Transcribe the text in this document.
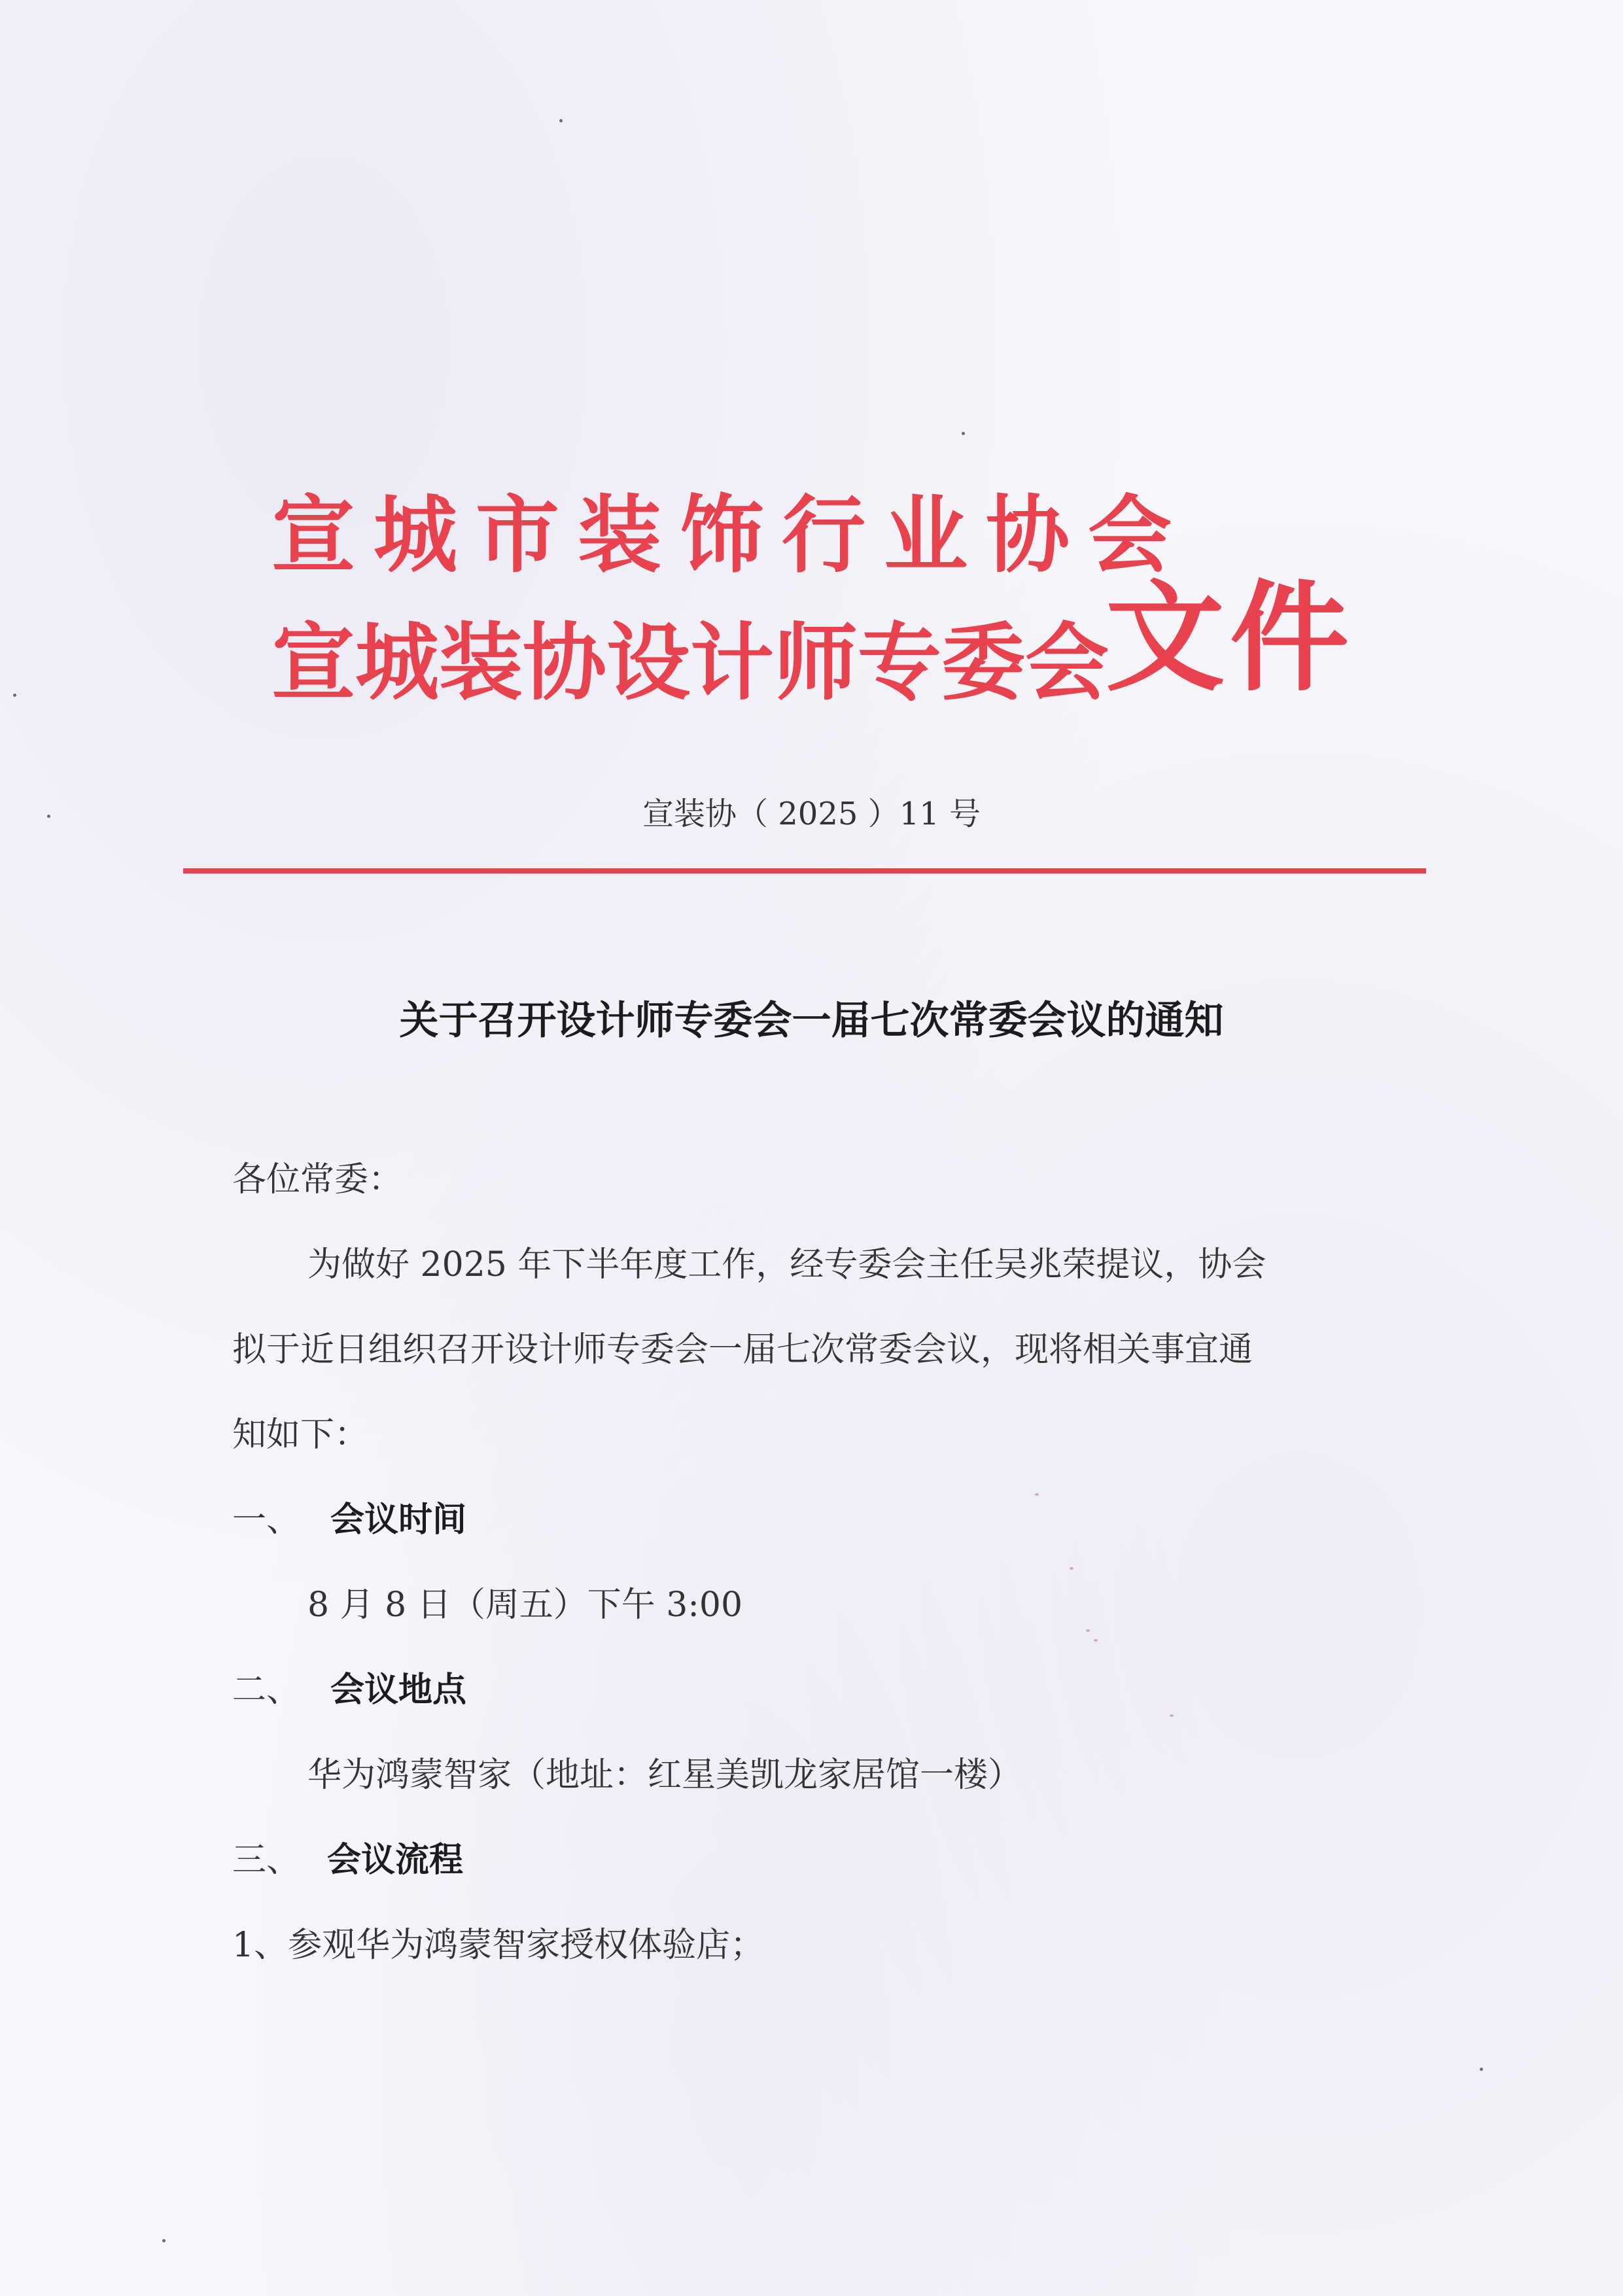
宣城市装饰行业协会
宣城装协设计师专委会
文件
宣装协（ 2025 ）11 号
关于召开设计师专委会一届七次常委会议的通知
各位常委：
为做好 2025 年下半年度工作，经专委会主任吴兆荣提议，协会
拟于近日组织召开设计师专委会一届七次常委会议，现将相关事宜通
知如下：
一、 会议时间
8 月 8 日（周五）下午 3:00
二、 会议地点
华为鸿蒙智家（地址：红星美凯龙家居馆一楼）
三、 会议流程
1、参观华为鸿蒙智家授权体验店；
